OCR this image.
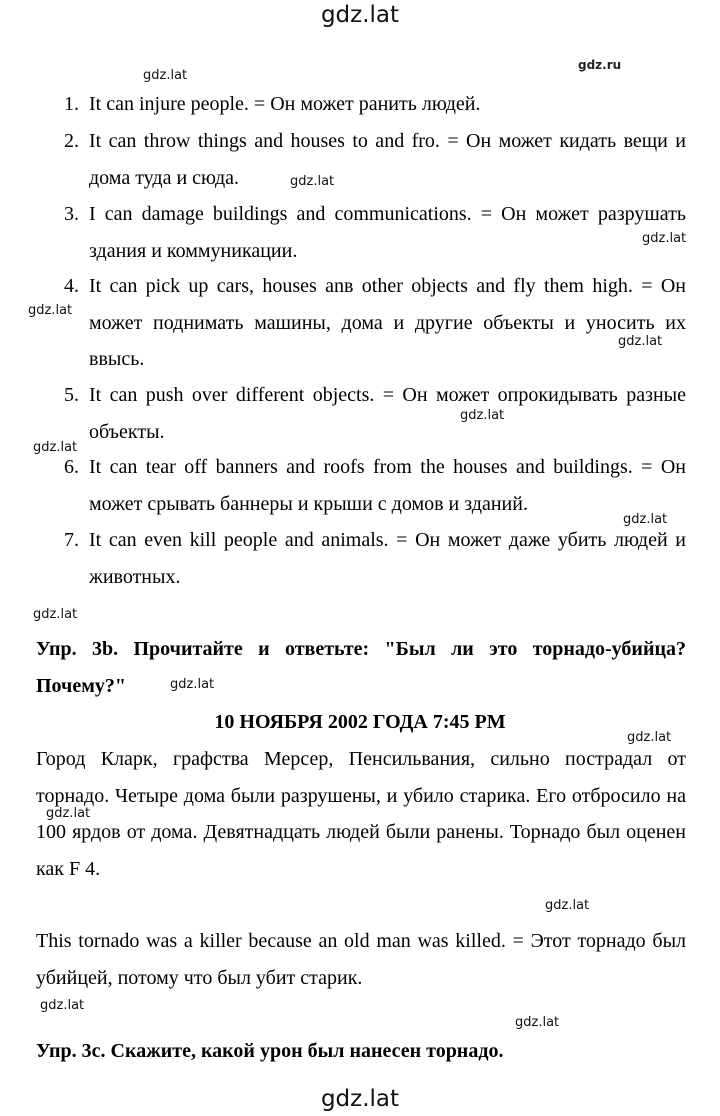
gdz.lat
gdz.ru
gdz.lat
1. It can injure people. = Он может ранить людей.
2. It can throw things and houses to and fro. = Он может кидать вещи и дома туда и сюда.	gdz.lat
3. I can damage buildings and communications. = Он может разрушать здания и коммуникации.
gdz.lat
4. It can pick up cars, houses anв other objects and fly them high. = Он может поднимать машины, дома и другие объекты и уносить их ввысь.
gdz.lat
gdz.lat
5. It can push over different objects. = Он может опрокидывать разные объекты.
gdz.lat
gdz.lat
6. It can tear off banners and roofs from the houses and buildings. = Он может срывать баннеры и крыши с домов и зданий.
gdz.lat
7. It can even kill people and animals. = Он может даже убить людей и животных.
gdz.lat
Упр. 3b. Прочитайте и ответьте: "Был ли это торнадо-убийца? Почему?"	gdz.lat
10 НОЯБРЯ 2002 ГОДА 7:45 PM
gdz.lat
Город Кларк, графства Мерсер, Пенсильвания, сильно пострадал от торнадо. Четыре дома были разрушены, и убило старика. Его отбросило на 100 ярдов от дома. Девятнадцать людей были ранены. Торнадо был оценен как F 4.
gdz.lat
gdz.lat
This tornado was a killer because an old man was killed. = Этот торнадо был убийцей, потому что был убит старик.
gdz.lat
gdz.lat
Упр. 3c. Скажите, какой урон был нанесен торнадо.
gdz.lat
